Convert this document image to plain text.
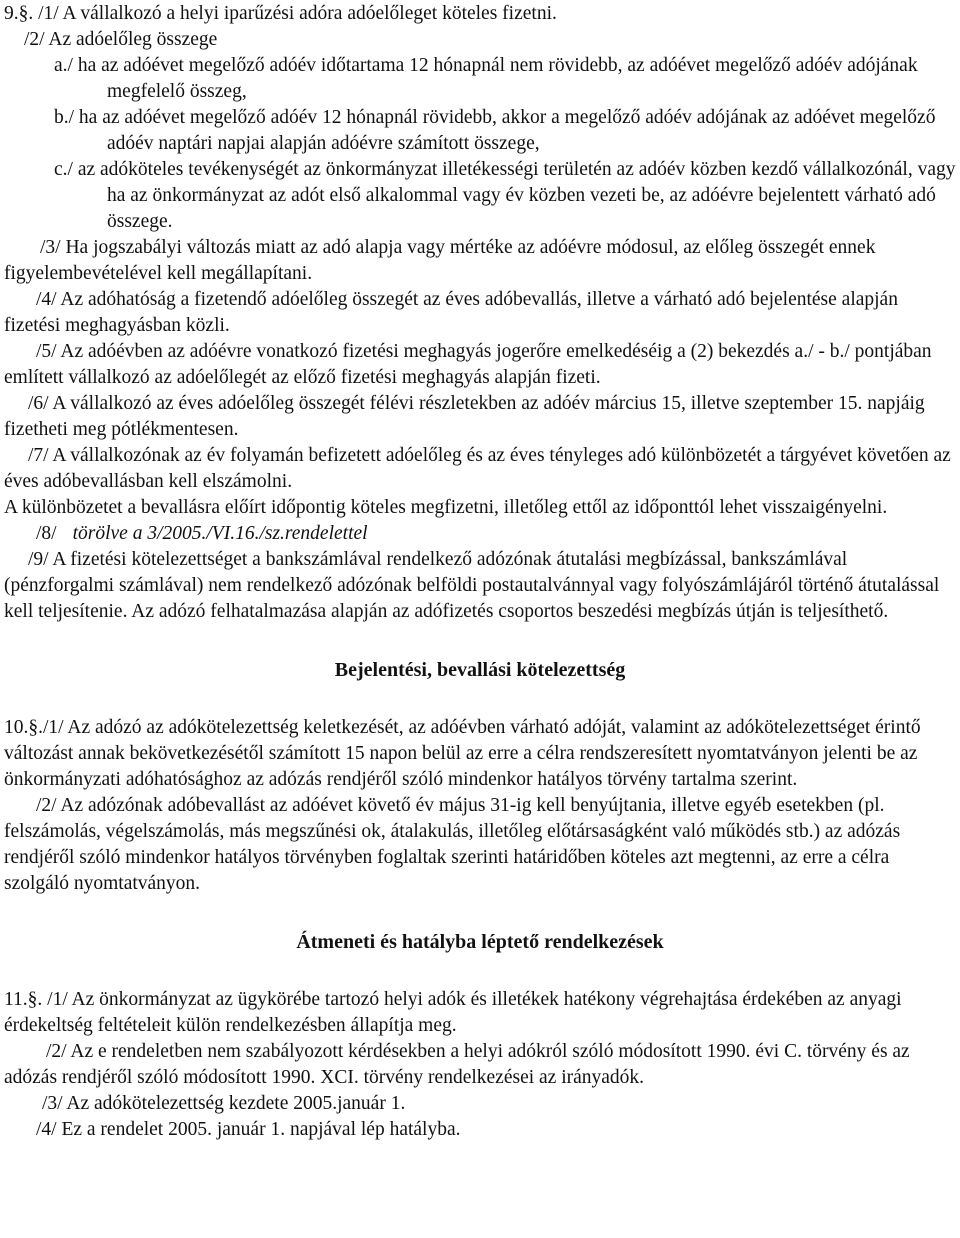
9.§. /1/ A vállalkozó a helyi iparűzési adóra adóelőleget köteles fizetni.

/2/ Az adóelőleg összege

a./ ha az adóévet megelőző adóév időtartama 12 hónapnál nem rövidebb, az adóévet megelőző adóév adójának megfelelő összeg,

b./ ha az adóévet megelőző adóév 12 hónapnál rövidebb, akkor a megelőző adóév adójának az adóévet megelőző adóév naptári napjai alapján adóévre számított összege,

c./ az adóköteles tevékenységét az önkormányzat illetékességi területén az adóév közben kezdő vállalkozónál, vagy ha az önkormányzat az adót első alkalommal vagy év közben vezeti be, az adóévre bejelentett várható adó összege.

/3/ Ha jogszabályi változás miatt az adó alapja vagy mértéke az adóévre módosul, az előleg összegét ennek figyelembevételével kell megállapítani.

/4/ Az adóhatóság a fizetendő adóelőleg összegét az éves adóbevallás, illetve a várható adó bejelentése alapján fizetési meghagyásban közli.

/5/ Az adóévben az adóévre vonatkozó fizetési meghagyás jogerőre emelkedéséig a (2) bekezdés a./ - b./ pontjában említett vállalkozó az adóelőlegét az előző fizetési meghagyás alapján fizeti.

/6/ A vállalkozó az éves adóelőleg összegét félévi részletekben az adóév március 15, illetve szeptember 15. napjáig fizetheti meg pótlékmentesen.

/7/ A vállalkozónak az év folyamán befizetett adóelőleg és az éves tényleges adó különbözetét a tárgyévet követően az éves adóbevallásban kell elszámolni.

A különbözetet a bevallásra előírt időpontig köteles megfizetni, illetőleg ettől az időponttól lehet visszaigényelni.

/8/ törölve a 3/2005./VI.16./sz.rendelettel

/9/ A fizetési kötelezettséget a bankszámlával rendelkező adózónak átutalási megbízással, bankszámlával (pénzforgalmi számlával) nem rendelkező adózónak belföldi postautalvánnyal vagy folyószámlájáról történő átutalással kell teljesítenie. Az adózó felhatalmazása alapján az adófizetés csoportos beszedési megbízás útján is teljesíthető.

Bejelentési, bevallási kötelezettség

10.§./1/ Az adózó az adókötelezettség keletkezését, az adóévben várható adóját, valamint az adókötelezettséget érintő változást annak bekövetkezésétől számított 15 napon belül az erre a célra rendszeresített nyomtatványon jelenti be az önkormányzati adóhatósághoz az adózás rendjéről szóló mindenkor hatályos törvény tartalma szerint.

/2/ Az adózónak adóbevallást az adóévet követő év május 31-ig kell benyújtania, illetve egyéb esetekben (pl. felszámolás, végelszámolás, más megszűnési ok, átalakulás, illetőleg előtársaságként való működés stb.) az adózás rendjéről szóló mindenkor hatályos törvényben foglaltak szerinti határidőben köteles azt megtenni, az erre a célra szolgáló nyomtatványon.

Átmeneti és hatályba léptető rendelkezések

11.§. /1/ Az önkormányzat az ügykörébe tartozó helyi adók és illetékek hatékony végrehajtása érdekében az anyagi érdekeltség feltételeit külön rendelkezésben állapítja meg.

/2/ Az e rendeletben nem szabályozott kérdésekben a helyi adókról szóló módosított 1990. évi C. törvény és az adózás rendjéről szóló módosított 1990. XCI. törvény rendelkezései az irányadók.

/3/ Az adókötelezettség kezdete 2005.január 1.

/4/ Ez a rendelet 2005. január 1. napjával lép hatályba.
